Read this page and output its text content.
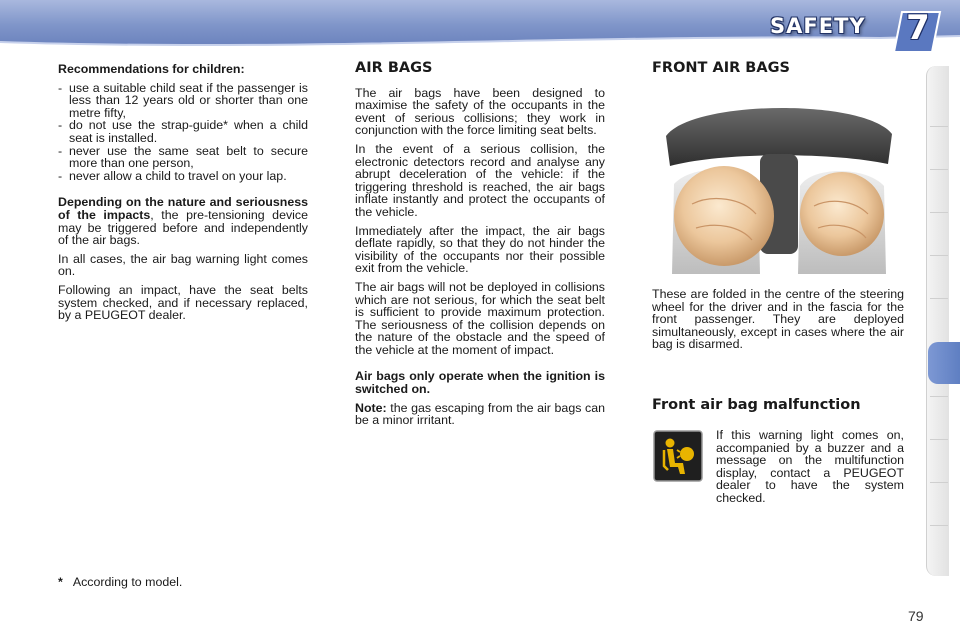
SAFETY 7

Recommendations for children:

- use a suitable child seat if the passenger is less than 12 years old or shorter than one metre fifty,
- do not use the strap-guide* when a child seat is installed.
- never use the same seat belt to secure more than one person,
- never allow a child to travel on your lap.

Depending on the nature and seriousness of the impacts, the pre-tensioning device may be triggered before and independently of the air bags.

In all cases, the air bag warning light comes on.

Following an impact, have the seat belts system checked, and if necessary replaced, by a PEUGEOT dealer.

AIR BAGS

The air bags have been designed to maximise the safety of the occupants in the event of serious collisions; they work in conjunction with the force limiting seat belts.

In the event of a serious collision, the electronic detectors record and analyse any abrupt deceleration of the vehicle: if the triggering threshold is reached, the air bags inflate instantly and protect the occupants of the vehicle.

Immediately after the impact, the air bags deflate rapidly, so that they do not hinder the visibility of the occupants nor their possible exit from the vehicle.

The air bags will not be deployed in collisions which are not serious, for which the seat belt is sufficient to provide maximum protection. The seriousness of the collision depends on the nature of the obstacle and the speed of the vehicle at the moment of impact.

Air bags only operate when the ignition is switched on.

Note: the gas escaping from the air bags can be a minor irritant.

FRONT AIR BAGS

These are folded in the centre of the steering wheel for the driver and in the fascia for the front passenger. They are deployed simultaneously, except in cases where the air bag is disarmed.

Front air bag malfunction

If this warning light comes on, accompanied by a buzzer and a message on the multifunction display, contact a PEUGEOT dealer to have the system checked.

* According to model.
79
